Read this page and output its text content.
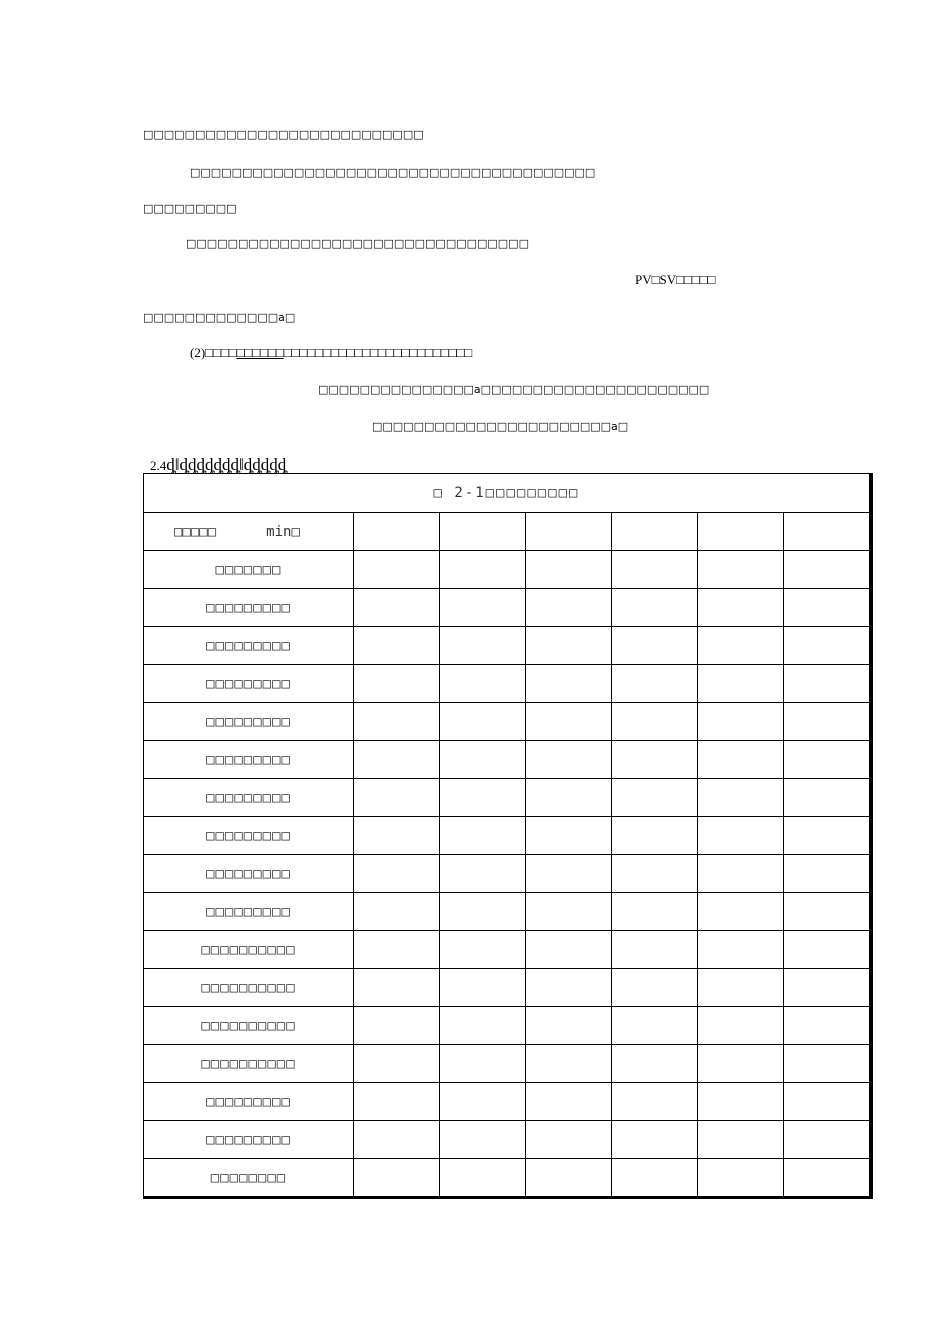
□□□□□□□□□□□□□□□□□□□□□□□□□□□
□□□□□□□□□□□□□□□□□□□□□□□□□□□□□□□□□□□□□□□
□□□□□□□□□
□□□□□□□□□□□□□□□□□□□□□□□□□□□□□□□□□
PV□SV□□□□□
□□□□□□□□□□□□□а□
(2)□□□□□□□□□□□□□□□□□□□□□□□□□□□□□□□□□□
□□□□□□□□□□□□□□□а□□□□□□□□□□□□□□□□□□□□□□
□□□□□□□□□□□□□□□□□□□□□□□а□
2.4ȡ‖ȡȡȡȡȡȡȡ‖ȡȡȡȡȡ
□ 2-1□□□□□□□□□						
□□□□□ min□						
□□□□□□□						
□□□□□□□□□						
□□□□□□□□□						
□□□□□□□□□						
□□□□□□□□□						
□□□□□□□□□						
□□□□□□□□□						
□□□□□□□□□						
□□□□□□□□□						
□□□□□□□□□						
□□□□□□□□□□						
□□□□□□□□□□						
□□□□□□□□□□						
□□□□□□□□□□						
□□□□□□□□□						
□□□□□□□□□						
□□□□□□□□						
